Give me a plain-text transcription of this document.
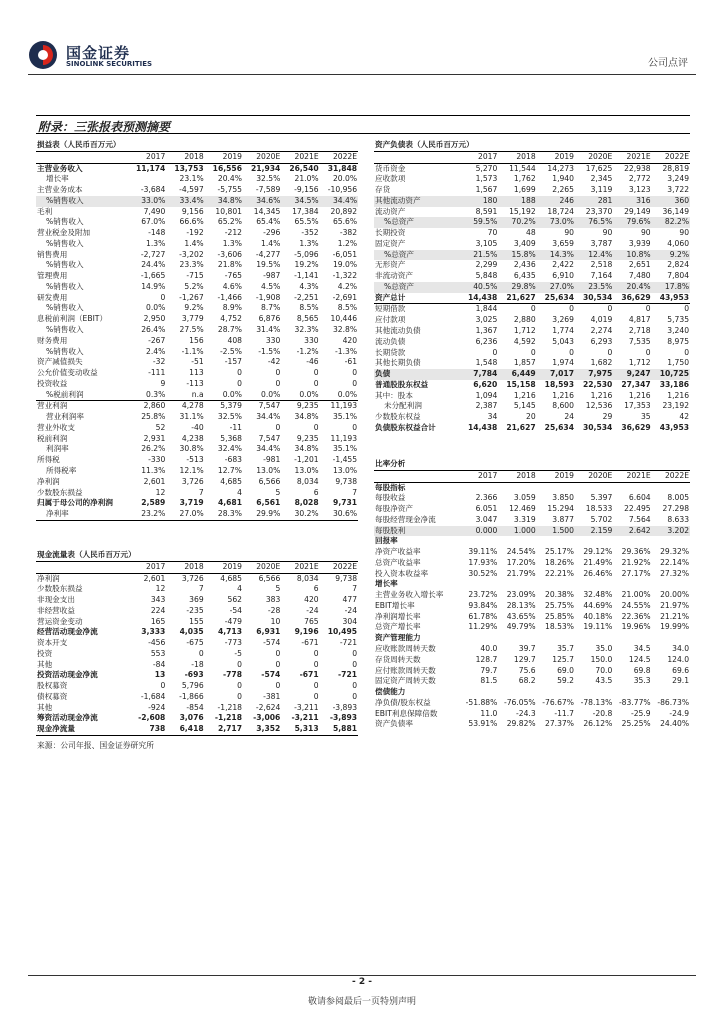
国金证券
SINOLINK SECURITIES	公司点评
附录：三张报表预测摘要
损益表（人民币百万元）						
	2017	2018	2019	2020E	2021E	2022E
主营业务收入	11,174	13,753	16,556	21,934	26,540	31,848
增长率		23.1%	20.4%	32.5%	21.0%	20.0%
主营业务成本	-3,684	-4,597	-5,755	-7,589	-9,156	-10,956
%销售收入	33.0%	33.4%	34.8%	34.6%	34.5%	34.4%
毛利	7,490	9,156	10,801	14,345	17,384	20,892
%销售收入	67.0%	66.6%	65.2%	65.4%	65.5%	65.6%
营业税金及附加	-148	-192	-212	-296	-352	-382
%销售收入	1.3%	1.4%	1.3%	1.4%	1.3%	1.2%
销售费用	-2,727	-3,202	-3,606	-4,277	-5,096	-6,051
%销售收入	24.4%	23.3%	21.8%	19.5%	19.2%	19.0%
管理费用	-1,665	-715	-765	-987	-1,141	-1,322
%销售收入	14.9%	5.2%	4.6%	4.5%	4.3%	4.2%
研发费用	0	-1,267	-1,466	-1,908	-2,251	-2,691
%销售收入	0.0%	9.2%	8.9%	8.7%	8.5%	8.5%
息税前利润（EBIT）	2,950	3,779	4,752	6,876	8,565	10,446
%销售收入	26.4%	27.5%	28.7%	31.4%	32.3%	32.8%
财务费用	-267	156	408	330	330	420
%销售收入	2.4%	-1.1%	-2.5%	-1.5%	-1.2%	-1.3%
资产减值损失	-32	-51	-157	-42	-46	-61
公允价值变动收益	-111	113	0	0	0	0
投资收益	9	-113	0	0	0	0
%税前利润	0.3%	n.a	0.0%	0.0%	0.0%	0.0%
营业利润	2,860	4,278	5,379	7,547	9,235	11,193
营业利润率	25.8%	31.1%	32.5%	34.4%	34.8%	35.1%
营业外收支	52	-40	-11	0	0	0
税前利润	2,931	4,238	5,368	7,547	9,235	11,193
利润率	26.2%	30.8%	32.4%	34.4%	34.8%	35.1%
所得税	-330	-513	-683	-981	-1,201	-1,455
所得税率	11.3%	12.1%	12.7%	13.0%	13.0%	13.0%
净利润	2,601	3,726	4,685	6,566	8,034	9,738
少数股东损益	12	7	4	5	6	7
归属于母公司的净利润	2,589	3,719	4,681	6,561	8,028	9,731
净利率	23.2%	27.0%	28.3%	29.9%	30.2%	30.6%
资产负债表（人民币百万元）						
	2017	2018	2019	2020E	2021E	2022E
货币资金	5,270	11,544	14,273	17,625	22,938	28,819
应收款项	1,573	1,762	1,940	2,345	2,772	3,249
存货	1,567	1,699	2,265	3,119	3,123	3,722
其他流动资产	180	188	246	281	316	360
流动资产	8,591	15,192	18,724	23,370	29,149	36,149
%总资产	59.5%	70.2%	73.0%	76.5%	79.6%	82.2%
长期投资	70	48	90	90	90	90
固定资产	3,105	3,409	3,659	3,787	3,939	4,060
%总资产	21.5%	15.8%	14.3%	12.4%	10.8%	9.2%
无形资产	2,299	2,436	2,422	2,518	2,651	2,824
非流动资产	5,848	6,435	6,910	7,164	7,480	7,804
%总资产	40.5%	29.8%	27.0%	23.5%	20.4%	17.8%
资产总计	14,438	21,627	25,634	30,534	36,629	43,953
短期借款	1,844	0	0	0	0	0
应付款项	3,025	2,880	3,269	4,019	4,817	5,735
其他流动负债	1,367	1,712	1,774	2,274	2,718	3,240
流动负债	6,236	4,592	5,043	6,293	7,535	8,975
长期贷款	0	0	0	0	0	0
其他长期负债	1,548	1,857	1,974	1,682	1,712	1,750
负债	7,784	6,449	7,017	7,975	9,247	10,725
普通股股东权益	6,620	15,158	18,593	22,530	27,347	33,186
其中：股本	1,094	1,216	1,216	1,216	1,216	1,216
未分配利润	2,387	5,145	8,600	12,536	17,353	23,192
少数股东权益	34	20	24	29	35	42
负债股东权益合计	14,438	21,627	25,634	30,534	36,629	43,953
比率分析						
	2017	2018	2019	2020E	2021E	2022E
每股指标						
每股收益	2.366	3.059	3.850	5.397	6.604	8.005
每股净资产	6.051	12.469	15.294	18.533	22.495	27.298
每股经营现金净流	3.047	3.319	3.877	5.702	7.564	8.633
每股股利	0.000	1.000	1.500	2.159	2.642	3.202
回报率						
净资产收益率	39.11%	24.54%	25.17%	29.12%	29.36%	29.32%
总资产收益率	17.93%	17.20%	18.26%	21.49%	21.92%	22.14%
投入资本收益率	30.52%	21.79%	22.21%	26.46%	27.17%	27.32%
增长率						
主营业务收入增长率	23.72%	23.09%	20.38%	32.48%	21.00%	20.00%
EBIT增长率	93.84%	28.13%	25.75%	44.69%	24.55%	21.97%
净利润增长率	61.78%	43.65%	25.85%	40.18%	22.36%	21.21%
总资产增长率	11.29%	49.79%	18.53%	19.11%	19.96%	19.99%
资产管理能力						
应收账款周转天数	40.0	39.7	35.7	35.0	34.5	34.0
存货周转天数	128.7	129.7	125.7	150.0	124.5	124.0
应付账款周转天数	79.7	75.6	69.0	70.0	69.8	69.6
固定资产周转天数	81.5	68.2	59.2	43.5	35.3	29.1
偿债能力						
净负债/股东权益	-51.88%	-76.05%	-76.67%	-78.13%	-83.77%	-86.73%
EBIT利息保障倍数	11.0	-24.3	-11.7	-20.8	-25.9	-24.9
资产负债率	53.91%	29.82%	27.37%	26.12%	25.25%	24.40%
现金流量表（人民币百万元）						
	2017	2018	2019	2020E	2021E	2022E
净利润	2,601	3,726	4,685	6,566	8,034	9,738
少数股东损益	12	7	4	5	6	7
非现金支出	343	369	562	383	420	477
非经营收益	224	-235	-54	-28	-24	-24
营运资金变动	165	155	-479	10	765	304
经营活动现金净流	3,333	4,035	4,713	6,931	9,196	10,495
资本开支	-456	-675	-773	-574	-671	-721
投资	553	0	-5	0	0	0
其他	-84	-18	0	0	0	0
投资活动现金净流	13	-693	-778	-574	-671	-721
股权募资	0	5,796	0	0	0	0
债权募资	-1,684	-1,866	0	-381	0	0
其他	-924	-854	-1,218	-2,624	-3,211	-3,893
筹资活动现金净流	-2,608	3,076	-1,218	-3,006	-3,211	-3,893
现金净流量	738	6,418	2,717	3,352	5,313	5,881
来源：公司年报、国金证券研究所
- 2 -
敬请参阅最后一页特别声明
